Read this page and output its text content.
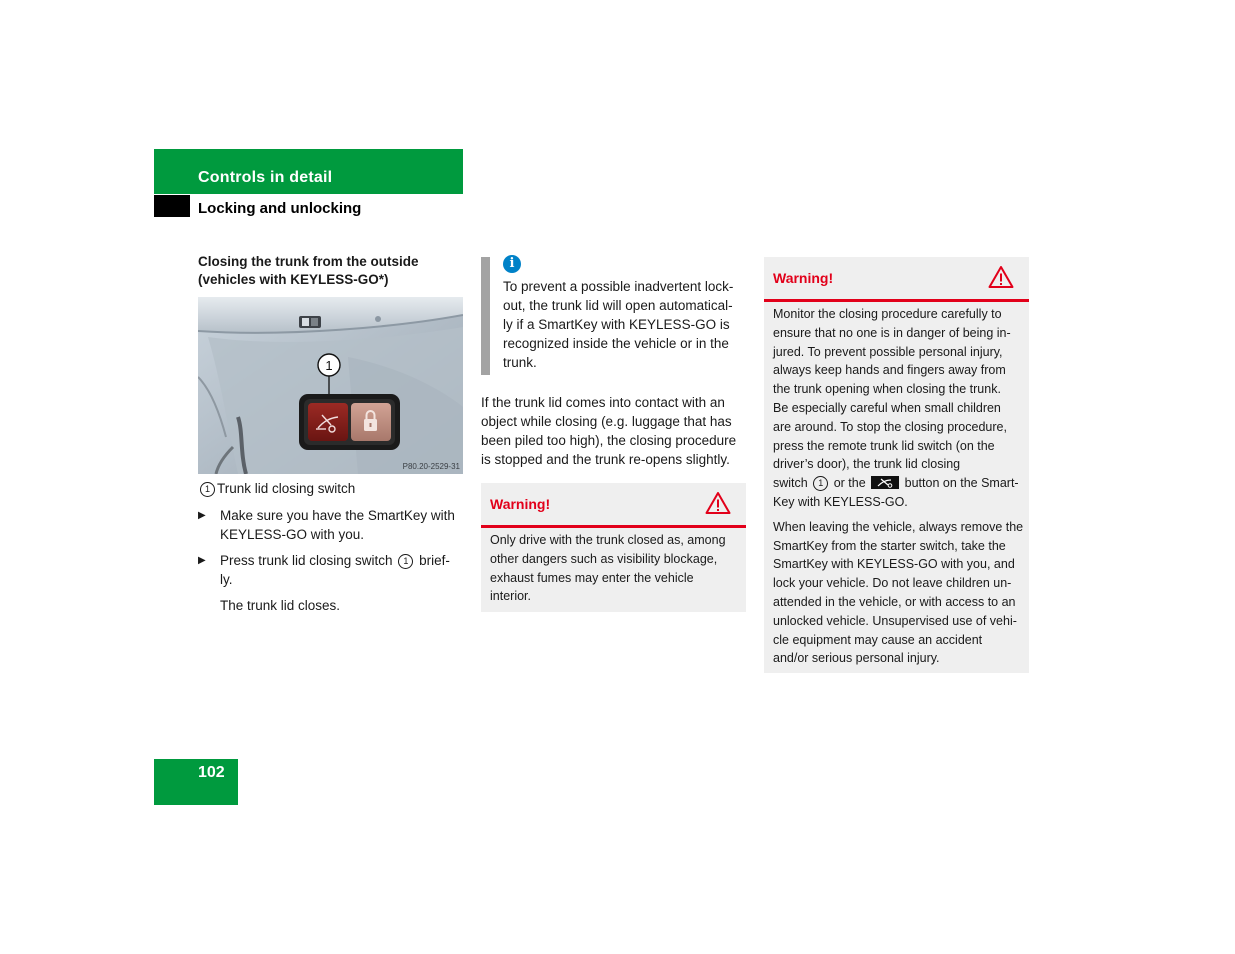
Controls in detail
Locking and unlocking
Closing the trunk from the outside
(vehicles with KEYLESS-GO*)
1
P80.20-2529-31
1 Trunk lid closing switch
▶ Make sure you have the SmartKey with
KEYLESS-GO with you.
▶ Press trunk lid closing switch 1 brief-
ly.
The trunk lid closes.
i
To prevent a possible inadvertent lock-
out, the trunk lid will open automatical-
ly if a SmartKey with KEYLESS-GO is
recognized inside the vehicle or in the
trunk.
If the trunk lid comes into contact with an
object while closing (e.g. luggage that has
been piled too high), the closing procedure
is stopped and the trunk re-opens slightly.
Warning!
Only drive with the trunk closed as, among
other dangers such as visibility blockage,
exhaust fumes may enter the vehicle
interior.
Warning!
Monitor the closing procedure carefully to
ensure that no one is in danger of being in-
jured. To prevent possible personal injury,
always keep hands and fingers away from
the trunk opening when closing the trunk.
Be especially careful when small children
are around. To stop the closing procedure,
press the remote trunk lid switch (on the
driver’s door), the trunk lid closing
switch 1 or the	button on the Smart-
Key with KEYLESS-GO.
When leaving the vehicle, always remove the
SmartKey from the starter switch, take the
SmartKey with KEYLESS-GO with you, and
lock your vehicle. Do not leave children un-
attended in the vehicle, or with access to an
unlocked vehicle. Unsupervised use of vehi-
cle equipment may cause an accident
and/or serious personal injury.
102
